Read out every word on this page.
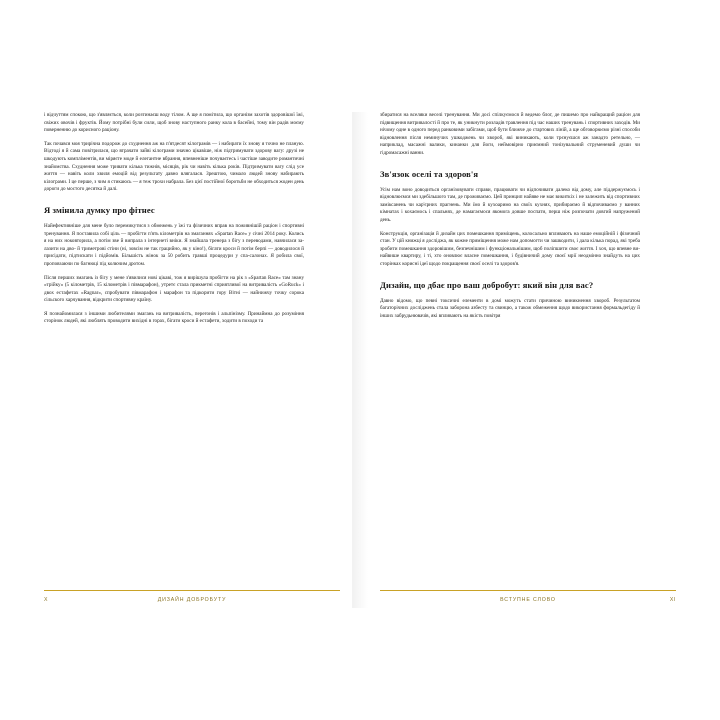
і відчуттям спокою, що з'являється, коли розтинаєш воду тілом. А ще я помітила, що організм захотів здоровішої їжі, свіжих овочів і фруктів. Йому потрібні були сили, щоб знову наступного ранку кола в басейні, тому він радів моєму поверненню до корисного раціону.

Так почався моя трирічна подорож до схуднення аж на п'ятдесят кілограмів — і набирати їх знову я точно не планую. Відтоді я й сама повітрилася, що втрачати зайві кілограми значно цікавіше, ніж підтримувати здорову вагу: друзі не шкодують компліментів, ви міряєте моде й елегантне вбрання, впевненіше почуваєтесь і частіше заводите романтичні знайомства. Схуднення може тривати кілька тижнів, місяців, рік чи навіть кілька років. Підтримувати вагу слід усе життя — навіть коли хвиля емоцій від результату давно влягалася. Зрештою, чимало людей знову набирають кілограми. І це перше, з чим я стикаюсь — я теж трохи набрала. Без цієї постійної боротьби не обходиться жоден день дороги до мостого десятка й далі.

Я змінила думку про фітнес

Найефективніше для мене було перемикутися з обмежень у їжі та фізичних вправ на поживнішій раціон і спортивні тренування. Я поставила собі ціль — пробігти п'ять кілометрів на змаганнях «Spartan Race» у січні 2014 року. Колись я на них ноковторила, а потім зве й випрала з інтернеті вніки. Я знайшла тренера з бігу з переводами, навчилася залазити на дво- й триметрові стіни (ні, зовсім не так грацийно, як у кіно!), бігати кроси й потім берпі — доводилося й присідати, підтискати і підйомів. Більшість жінок за 50 робить гравші процедури у спа-салонах. Я робила свої, проповзаючи по багнюці під колючим дротом.

Після перших змагань із бігу у мене з'явилися нові цікаві, тож я вирішула пробігти на рік з «Spartan Race» там знану «трійку» (5 кілометрів, 15 кілометрів і півмарафон), утретє стала прикметні сприятливої на витривалість «GoRuck» і двох естафетах «Ragnar», спробувати півмарафон і марафон та підкорити гору Вітні — найнижчу точку сорока сільского харчування, відкрити спортивну країну.

Я познайомилася з іншими любителями змагань на витривалість, перегонів і альпінізму. Принаймна до розуміння сторінок людей, які люблять проводити вихідні в горах, бігати кроси й естафети, ходити в походи та

X	ДИЗАЙН ДОБРОБУТУ

збиратися на вселяки веселі тренування. Ми досі спілкуємося й ведемо блог, де пишемо про найкращий раціон для підвищення витривалості й про те, як уникнути розладів травлення під час наших тренувань і спортивних заходів. Ми нічому одне в одного перед ранковими забігами, щоб бути ближче до стартових ліній, а ще обговорюємо різні способи відновлення після неминучих ушкоджень чи хвороб, які виникають, коли трєнуєшся аж занадто ретельно, — наприклад, масажні валики, кинанки для йоги, неймовірно приємний тонізувальний струменевий души чи гідромасажні ванни.

Зв'язок оселі та здоров'я

Усім нам воно доводиться організовувати справи, працювати чи відпочивати далеко від дому, але піддержуємось і відновлюємся ми здебільшого там, де проживаємо. Цей принцип найяве не має викиткіх і не залежить від спортивних заміксанень чи кар'єрних прагнень. Ми їмо й кухоаримо на своїх кухнях, прибираємо й відпочиваємо у ванних кімнатах і кохаємось і спальнях, де намагаємося якомога довше поспати, перш ніж розпочати довгий напружений день.

Конструкція, організація й дизайн цих помешкання приміщень, колосально впливають на наше емоційній і фізичний стан. У цій книжці я досліджа, як кожне приміщення може нам допомогти чи зашкодити, і дала кілька порад, які треба зробити помешкання здоровішим, безпечнішим і функціональнішим, щоб поліпшити своє життя. І хоч, що впевне винайвише квартиру, і ті, хто оновлює власне помешкання, і будівничий дому своєї мрії неодмінно знайдуть на цих сторінках корисні ідеї щодо покращення своєї оселі та здоров'я.

Дизайн, що дбає про ваш добробут: який він для вас?

Давно відомо, що певні токсичні елементи в домі можуть стати причиною виникнення хвороб. Результатом багаторічних досліджень стала заборона азбесту та свинцю, а також обмеження щодо використання формальдегіду й інших забрудьнювачів, які впливають на якість повітря

ВСТУПНЕ СЛОВО	XI
